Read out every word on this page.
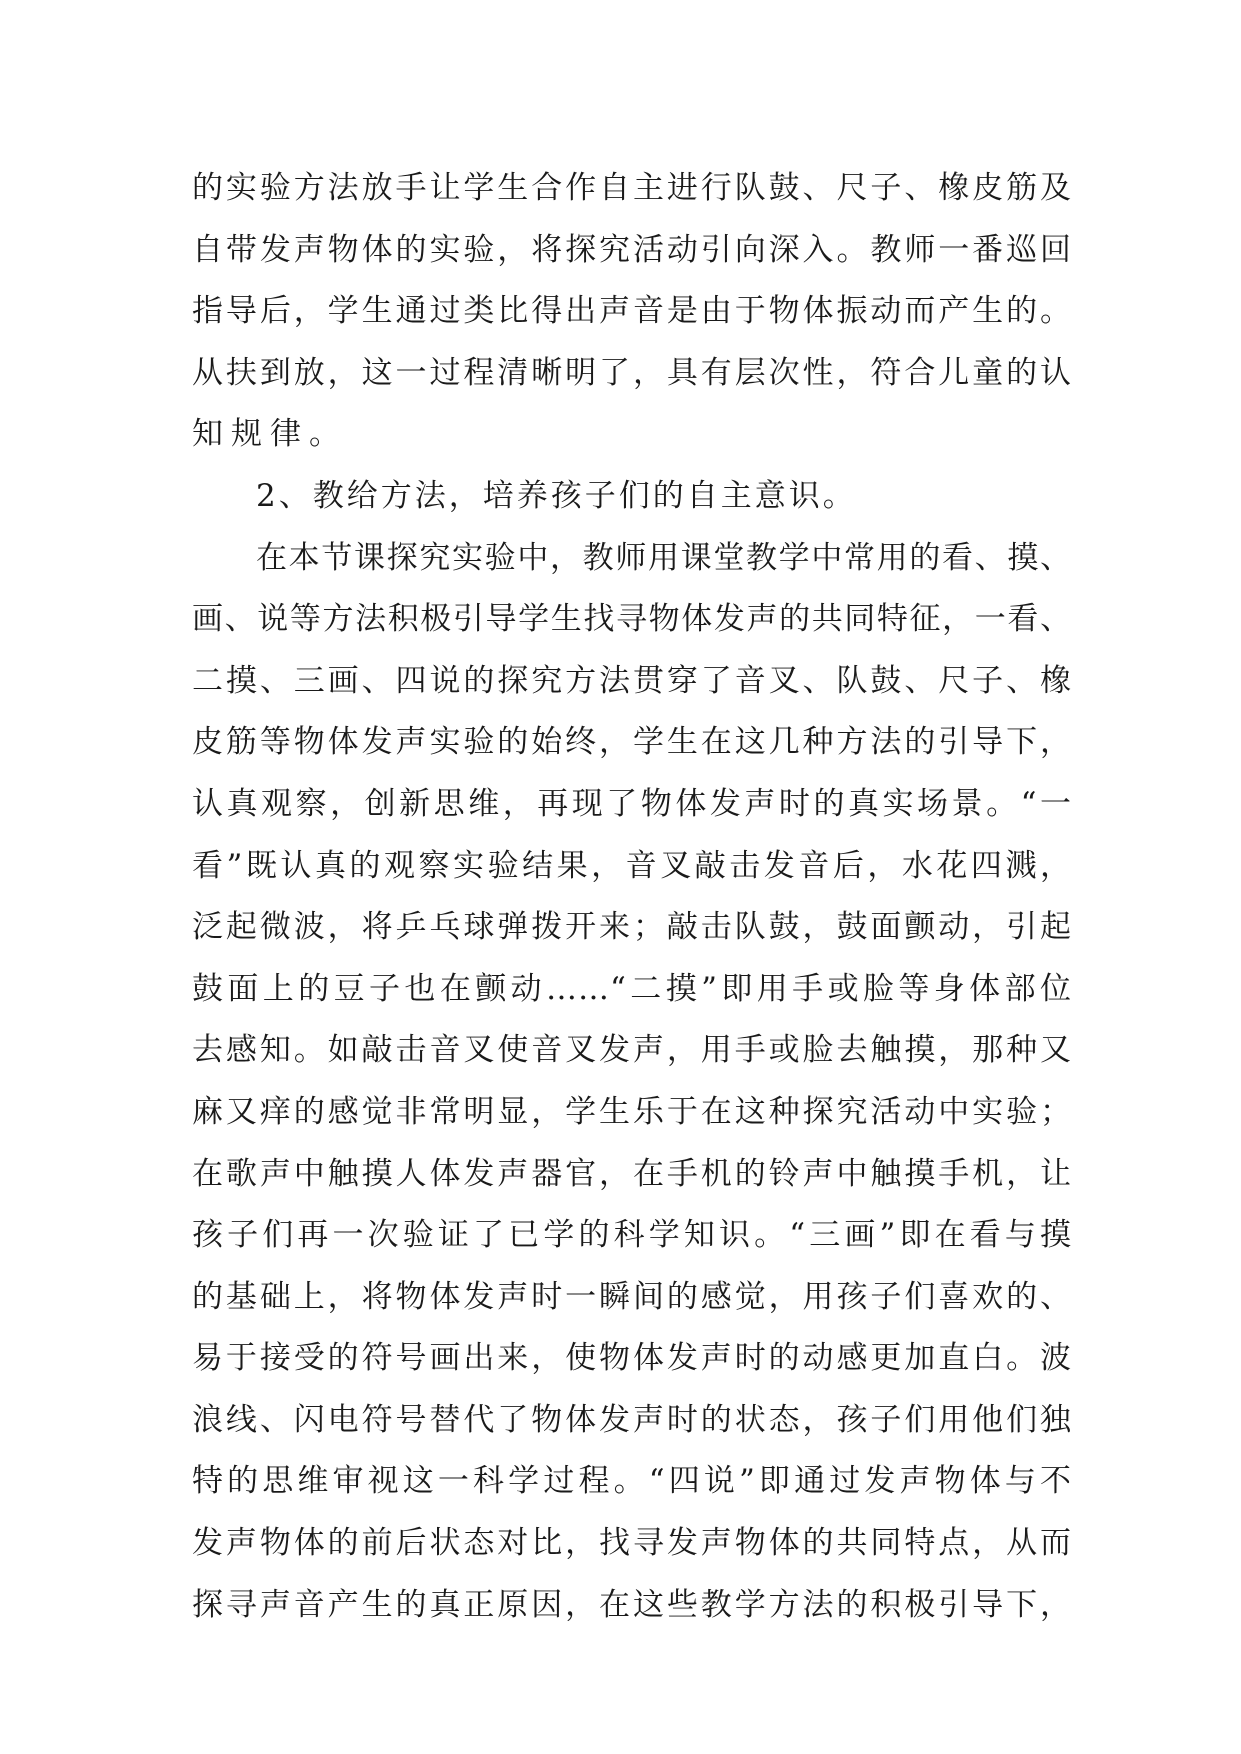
的实验方法放手让学生合作自主进行队鼓、尺子、橡皮筋及
自带发声物体的实验，将探究活动引向深入。教师一番巡回
指导后，学生通过类比得出声音是由于物体振动而产生的。
从扶到放，这一过程清晰明了，具有层次性，符合儿童的认
知规律。
2、教给方法，培养孩子们的自主意识。
在本节课探究实验中，教师用课堂教学中常用的看、摸、
画、说等方法积极引导学生找寻物体发声的共同特征，一看、
二摸、三画、四说的探究方法贯穿了音叉、队鼓、尺子、橡
皮筋等物体发声实验的始终，学生在这几种方法的引导下，
认真观察，创新思维，再现了物体发声时的真实场景。“一
看”既认真的观察实验结果，音叉敲击发音后，水花四溅，
泛起微波，将乒乓球弹拨开来；敲击队鼓，鼓面颤动，引起
鼓面上的豆子也在颤动……“二摸”即用手或脸等身体部位
去感知。如敲击音叉使音叉发声，用手或脸去触摸，那种又
麻又痒的感觉非常明显，学生乐于在这种探究活动中实验；
在歌声中触摸人体发声器官，在手机的铃声中触摸手机，让
孩子们再一次验证了已学的科学知识。“三画”即在看与摸
的基础上，将物体发声时一瞬间的感觉，用孩子们喜欢的、
易于接受的符号画出来，使物体发声时的动感更加直白。波
浪线、闪电符号替代了物体发声时的状态，孩子们用他们独
特的思维审视这一科学过程。“四说”即通过发声物体与不
发声物体的前后状态对比，找寻发声物体的共同特点，从而
探寻声音产生的真正原因，在这些教学方法的积极引导下，
